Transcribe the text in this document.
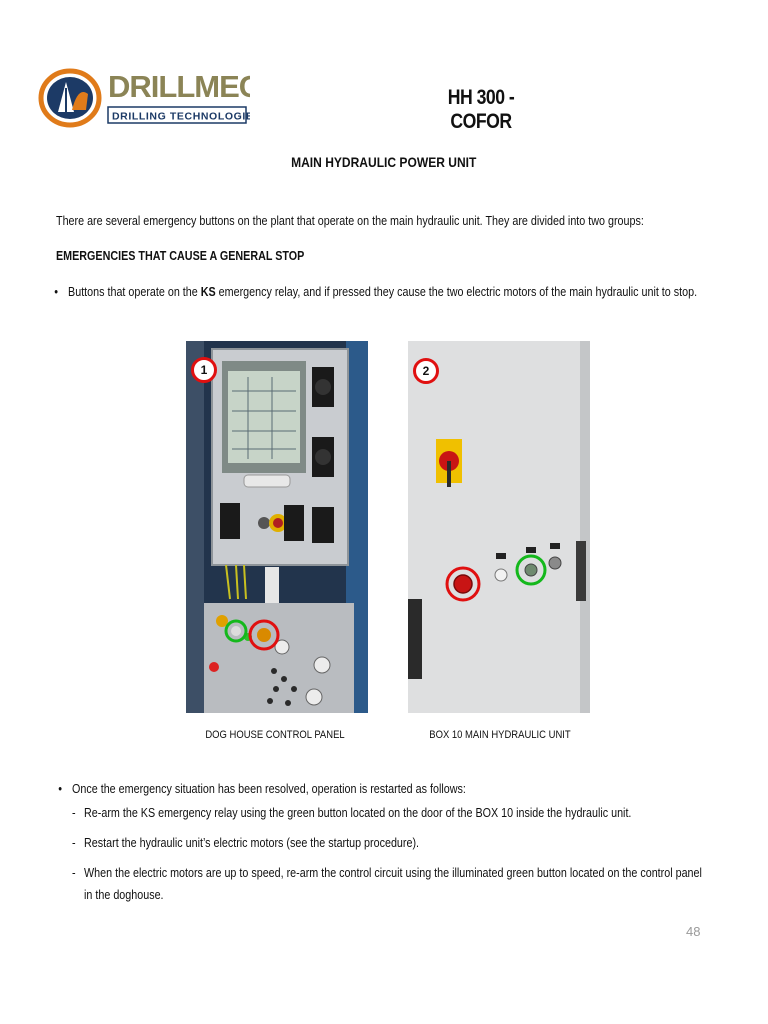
DRILLMEC
DRILLING TECHNOLOGIES
HH 300 - COFOR
MAIN HYDRAULIC POWER UNIT
There are several emergency buttons on the plant that operate on the main hydraulic unit. They are divided into two groups:
EMERGENCIES THAT CAUSE A GENERAL STOP
• Buttons that operate on the KS emergency relay, and if pressed they cause the two electric motors of the main hydraulic unit to stop.
1	2
DOG HOUSE CONTROL PANEL	BOX 10 MAIN HYDRAULIC UNIT
• Once the emergency situation has been resolved, operation is restarted as follows:
- Re-arm the KS emergency relay using the green button located on the door of the BOX 10 inside the hydraulic unit.
- Restart the hydraulic unit’s electric motors (see the startup procedure).
- When the electric motors are up to speed, re-arm the control circuit using the illuminated green button located on the control panel in the doghouse.
48
